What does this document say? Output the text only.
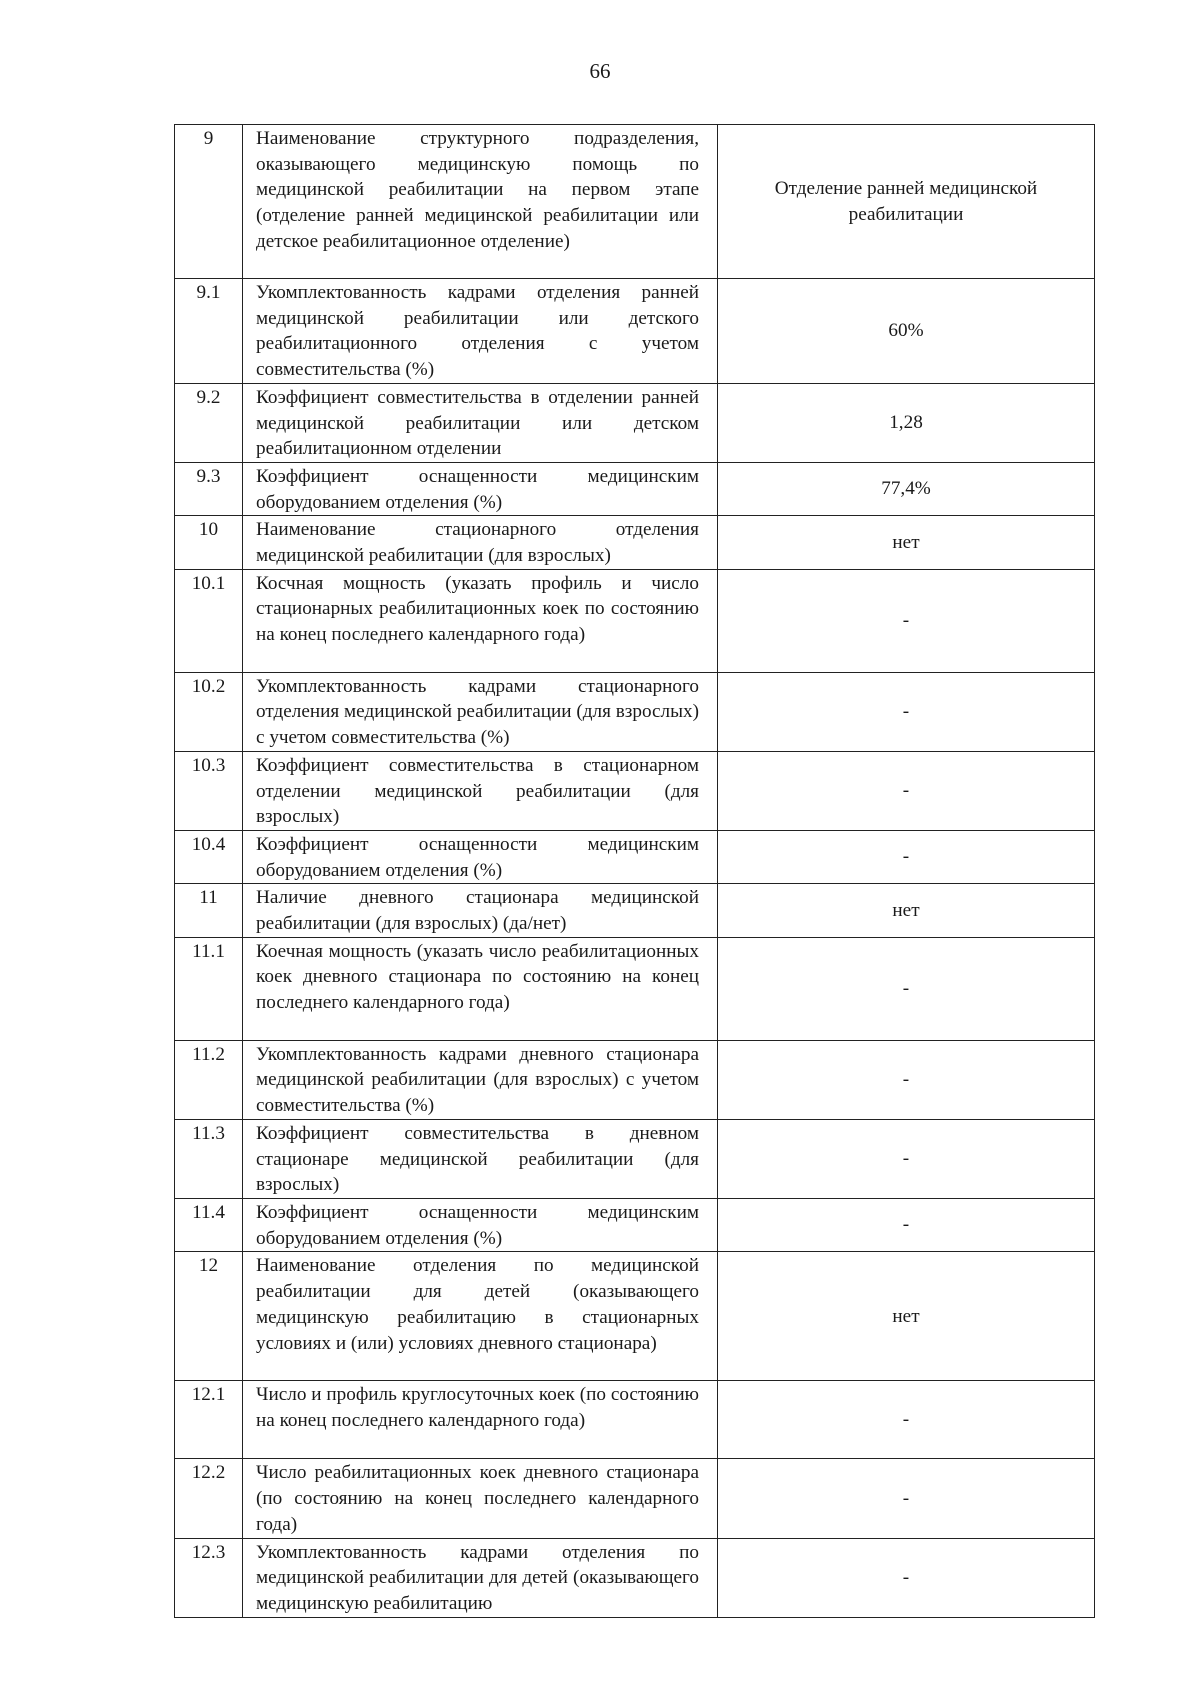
66
9	Наименование структурного подразделения, оказывающего медицинскую помощь по медицинской реабилитации на первом этапе (отделение ранней медицинской реабилитации или детское реабилитационное отделение)	Отделение ранней медицинской реабилитации
9.1	Укомплектованность кадрами отделения ранней медицинской реабилитации или детского реабилитационного отделения с учетом совместительства (%)	60%
9.2	Коэффициент совместительства в отделении ранней медицинской реабилитации или детском реабилитационном отделении	1,28
9.3	Коэффициент оснащенности медицинским оборудованием отделения (%)	77,4%
10	Наименование стационарного отделения медицинской реабилитации (для взрослых)	нет
10.1	Косчная мощность (указать профиль и число стационарных реабилитационных коек по состоянию на конец последнего календарного года)	-
10.2	Укомплектованность кадрами стационарного отделения медицинской реабилитации (для взрослых) с учетом совместительства (%)	-
10.3	Коэффициент совместительства в стационарном отделении медицинской реабилитации (для взрослых)	-
10.4	Коэффициент оснащенности медицинским оборудованием отделения (%)	-
11	Наличие дневного стационара медицинской реабилитации (для взрослых) (да/нет)	нет
11.1	Коечная мощность (указать число реабилитационных коек дневного стационара по состоянию на конец последнего календарного года)	-
11.2	Укомплектованность кадрами дневного стационара медицинской реабилитации (для взрослых) с учетом совместительства (%)	-
11.3	Коэффициент совместительства в дневном стационаре медицинской реабилитации (для взрослых)	-
11.4	Коэффициент оснащенности медицинским оборудованием отделения (%)	-
12	Наименование отделения по медицинской реабилитации для детей (оказывающего медицинскую реабилитацию в стационарных условиях и (или) условиях дневного стационара)	нет
12.1	Число и профиль круглосуточных коек (по состоянию на конец последнего календарного года)	-
12.2	Число реабилитационных коек дневного стационара (по состоянию на конец последнего календарного года)	-
12.3	Укомплектованность кадрами отделения по медицинской реабилитации для детей (оказывающего медицинскую реабилитацию	-
